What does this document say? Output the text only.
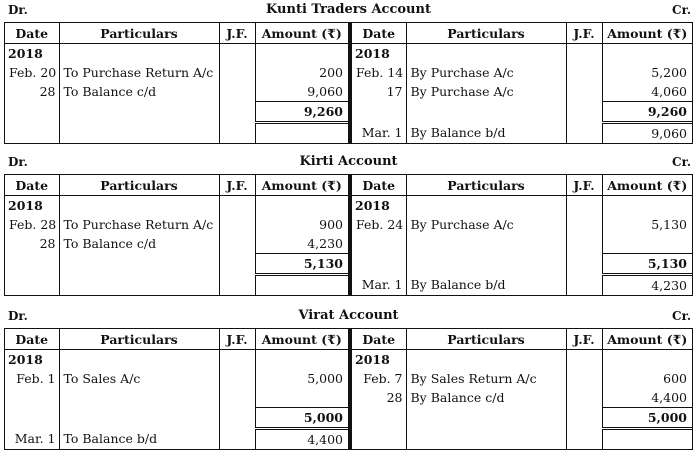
Dr.	Kunti Traders Account	Cr.
Date	Particulars	J.F.	Amount (₹)
2018			
Feb. 20	To Purchase Return A/c		200
28	To Balance c/d		9,060
			9,260

Date	Particulars	J.F.	Amount (₹)
2018			
Feb. 14	By Purchase A/c		5,200
17	By Purchase A/c		4,060
			9,260
Mar. 1	By Balance b/d		9,060
Dr.	Kirti Account	Cr.
Date	Particulars	J.F.	Amount (₹)
2018			
Feb. 28	To Purchase Return A/c		900
28	To Balance c/d		4,230
			5,130

Date	Particulars	J.F.	Amount (₹)
2018			
Feb. 24	By Purchase A/c		5,130

			5,130
Mar. 1	By Balance b/d		4,230
Dr.	Virat Account	Cr.
Date	Particulars	J.F.	Amount (₹)
2018			
Feb. 1	To Sales A/c		5,000

			5,000
Mar. 1	To Balance b/d		4,400
Date	Particulars	J.F.	Amount (₹)
2018			
Feb. 7	By Sales Return A/c		600
28	By Balance c/d		4,400
			5,000
